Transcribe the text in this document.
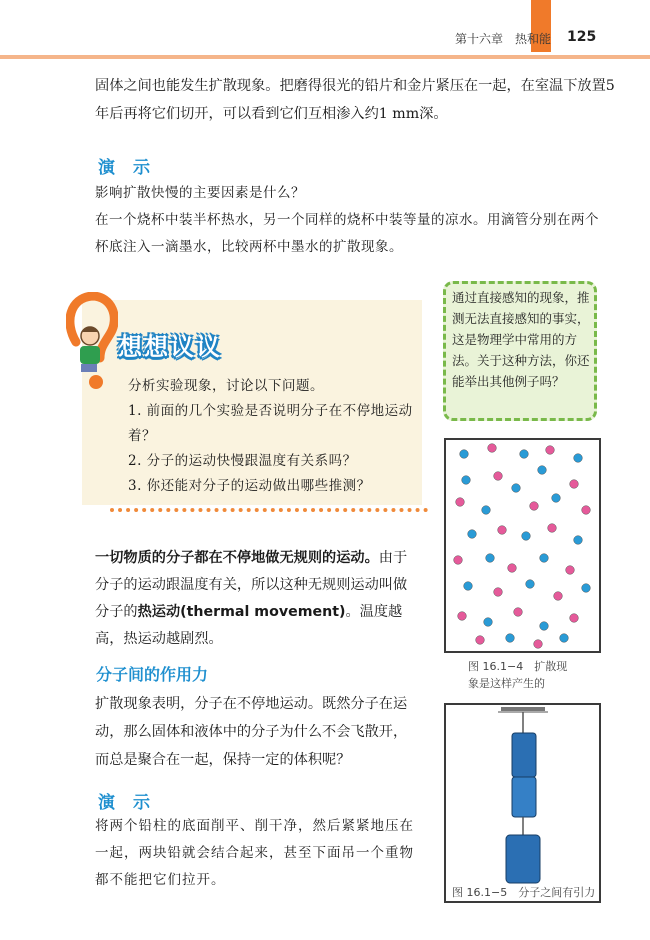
第十六章　热和能 125
固体之间也能发生扩散现象。把磨得很光的铅片和金片紧压在一起，在室温下放置5年后再将它们切开，可以看到它们互相渗入约1 mm深。
演示
影响扩散快慢的主要因素是什么？
在一个烧杯中装半杯热水，另一个同样的烧杯中装等量的凉水。用滴管分别在两个杯底注入一滴墨水，比较两杯中墨水的扩散现象。
想想议议
分析实验现象，讨论以下问题。
1. 前面的几个实验是否说明分子在不停地运动着？
2. 分子的运动快慢跟温度有关系吗？
3. 你还能对分子的运动做出哪些推测？
通过直接感知的现象，推测无法直接感知的事实，这是物理学中常用的方法。关于这种方法，你还能举出其他例子吗？
图 16.1−4　扩散现
象是这样产生的
图 16.1−5　分子之间有引力
一切物质的分子都在不停地做无规则的运动。由于分子的运动跟温度有关，所以这种无规则运动叫做分子的热运动(thermal movement)。温度越高，热运动越剧烈。
分子间的作用力
扩散现象表明，分子在不停地运动。既然分子在运动，那么固体和液体中的分子为什么不会飞散开，而总是聚合在一起，保持一定的体积呢？
演示
将两个铅柱的底面削平、削干净，然后紧紧地压在一起，两块铅就会结合起来，甚至下面吊一个重物都不能把它们拉开。
